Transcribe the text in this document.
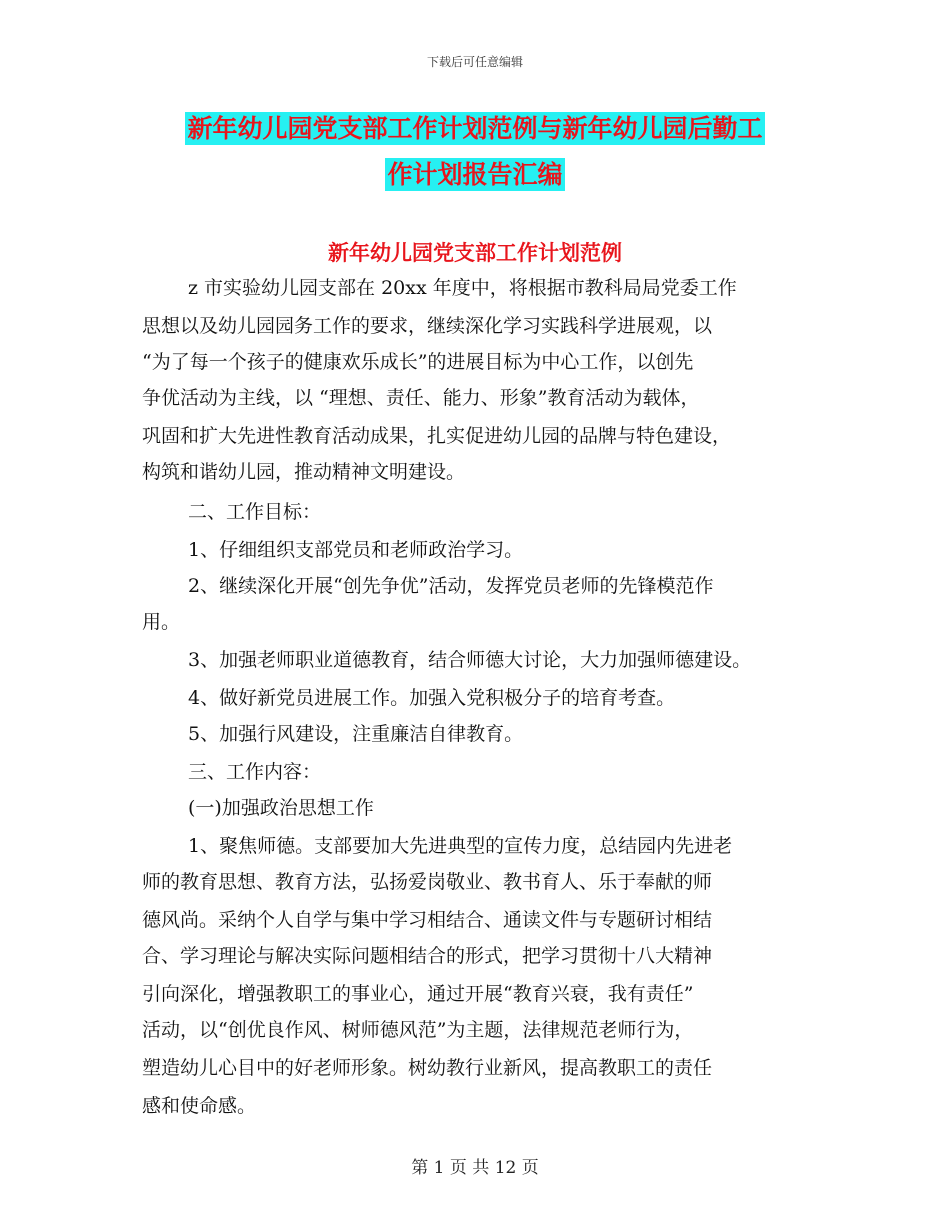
下载后可任意编辑
新年幼儿园党支部工作计划范例与新年幼儿园后勤工
作计划报告汇编
新年幼儿园党支部工作计划范例
z 市实验幼儿园支部在 20xx 年度中，将根据市教科局局党委工作
思想以及幼儿园园务工作的要求，继续深化学习实践科学进展观，以
“为了每一个孩子的健康欢乐成长”的进展目标为中心工作，以创先
争优活动为主线，以 “理想、责任、能力、形象”教育活动为载体，
巩固和扩大先进性教育活动成果，扎实促进幼儿园的品牌与特色建设，
构筑和谐幼儿园，推动精神文明建设。
二、工作目标：
1、仔细组织支部党员和老师政治学习。
2、继续深化开展“创先争优”活动，发挥党员老师的先锋模范作
用。
3、加强老师职业道德教育，结合师德大讨论，大力加强师德建设。
4、做好新党员进展工作。加强入党积极分子的培育考查。
5、加强行风建设，注重廉洁自律教育。
三、工作内容：
(一)加强政治思想工作
1、聚焦师德。支部要加大先进典型的宣传力度，总结园内先进老
师的教育思想、教育方法，弘扬爱岗敬业、教书育人、乐于奉献的师
德风尚。采纳个人自学与集中学习相结合、通读文件与专题研讨相结
合、学习理论与解决实际问题相结合的形式，把学习贯彻十八大精神
引向深化，增强教职工的事业心，通过开展“教育兴衰，我有责任”
活动，以“创优良作风、树师德风范”为主题，法律规范老师行为，
塑造幼儿心目中的好老师形象。树幼教行业新风，提高教职工的责任
感和使命感。
第 1 页 共 12 页
